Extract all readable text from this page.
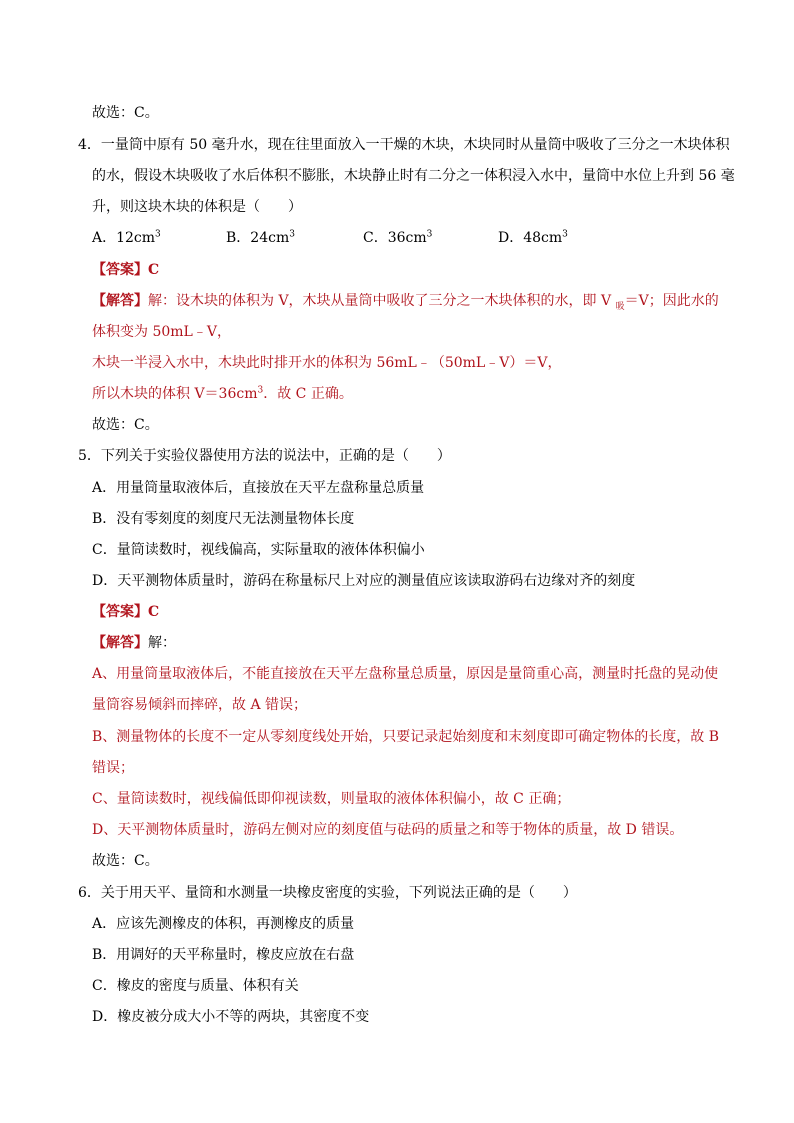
故选：C。
4．一量筒中原有 50 毫升水，现在往里面放入一干燥的木块，木块同时从量筒中吸收了三分之一木块体积
的水，假设木块吸收了水后体积不膨胀，木块静止时有二分之一体积浸入水中，量筒中水位上升到 56 毫
升，则这块木块的体积是（　　）
A．$12cm^3$	B．$24cm^3$	C．$36cm^3$	D．$48cm^3$
【答案】C
【解答】解：设木块的体积为 V，木块从量筒中吸收了三分之一木块体积的水，即 V $_吸$＝V；因此水的
体积变为 50mL﹣V，
木块一半浸入水中，木块此时排开水的体积为 56mL﹣（50mL﹣V）＝V，
所以木块的体积 $V=36cm^3$．故 C 正确。
故选：C。
5．下列关于实验仪器使用方法的说法中，正确的是（　　）
A．用量筒量取液体后，直接放在天平左盘称量总质量
B．没有零刻度的刻度尺无法测量物体长度
C．量筒读数时，视线偏高，实际量取的液体体积偏小
D．天平测物体质量时，游码在称量标尺上对应的测量值应该读取游码右边缘对齐的刻度
【答案】C
【解答】解：
A、用量筒量取液体后，不能直接放在天平左盘称量总质量，原因是量筒重心高，测量时托盘的晃动使
量筒容易倾斜而摔碎，故 A 错误；
B、测量物体的长度不一定从零刻度线处开始，只要记录起始刻度和末刻度即可确定物体的长度，故 B
错误；
C、量筒读数时，视线偏低即仰视读数，则量取的液体体积偏小，故 C 正确；
D、天平测物体质量时，游码左侧对应的刻度值与砝码的质量之和等于物体的质量，故 D 错误。
故选：C。
6．关于用天平、量筒和水测量一块橡皮密度的实验，下列说法正确的是（　　）
A．应该先测橡皮的体积，再测橡皮的质量
B．用调好的天平称量时，橡皮应放在右盘
C．橡皮的密度与质量、体积有关
D．橡皮被分成大小不等的两块，其密度不变
